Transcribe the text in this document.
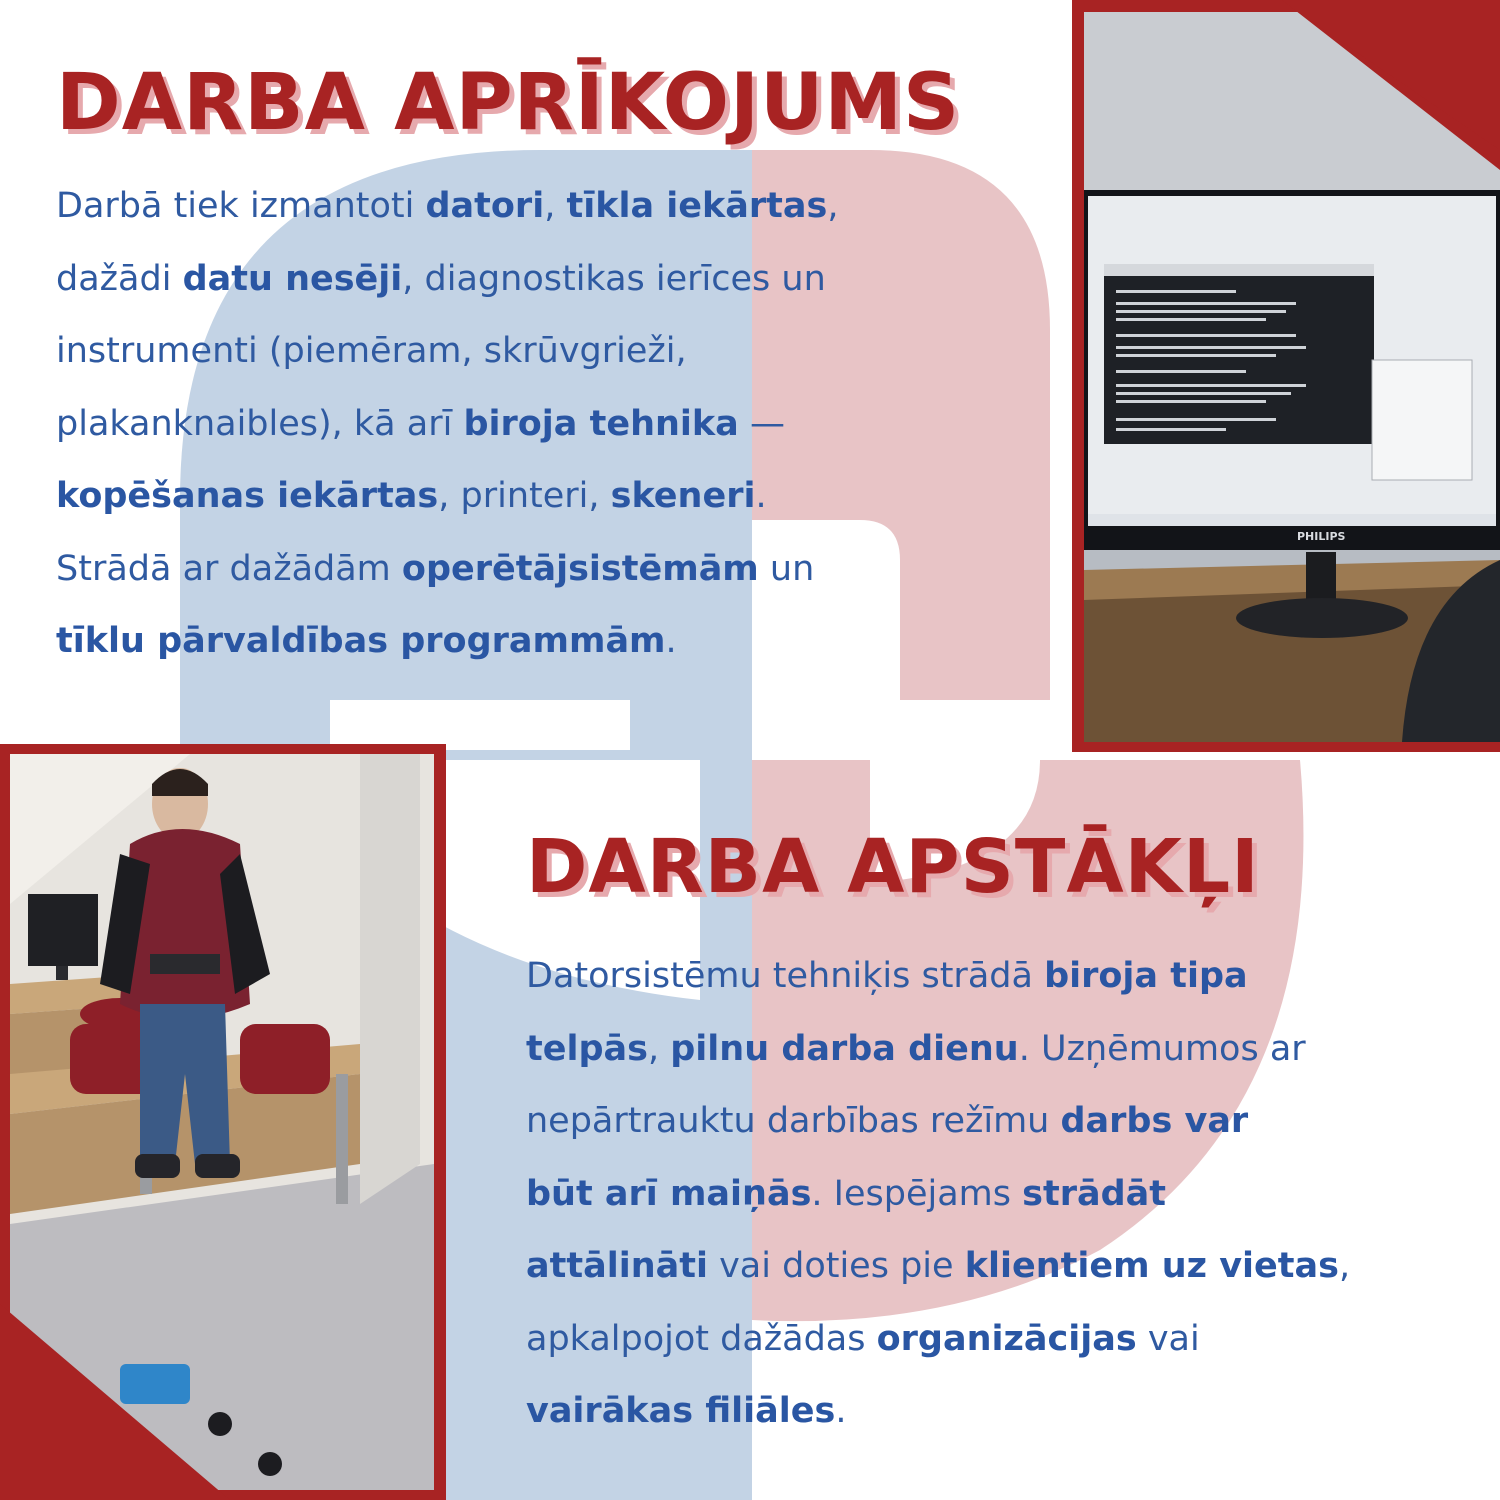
PHILIPS
DARBA APRĪKOJUMS
Darbā tiek izmantoti datori, tīkla iekārtas,
dažādi datu nesēji, diagnostikas ierīces un
instrumenti (piemēram, skrūvgrieži,
plakanknaibles), kā arī biroja tehnika —
kopēšanas iekārtas, printeri, skeneri.
Strādā ar dažādām operētājsistēmām un
tīklu pārvaldības programmām.
DARBA APSTĀKĻI
Datorsistēmu tehniķis strādā biroja tipa
telpās, pilnu darba dienu. Uzņēmumos ar
nepārtrauktu darbības režīmu darbs var
būt arī maiņās. Iespējams strādāt
attālināti vai doties pie klientiem uz vietas,
apkalpojot dažādas organizācijas vai
vairākas filiāles.
